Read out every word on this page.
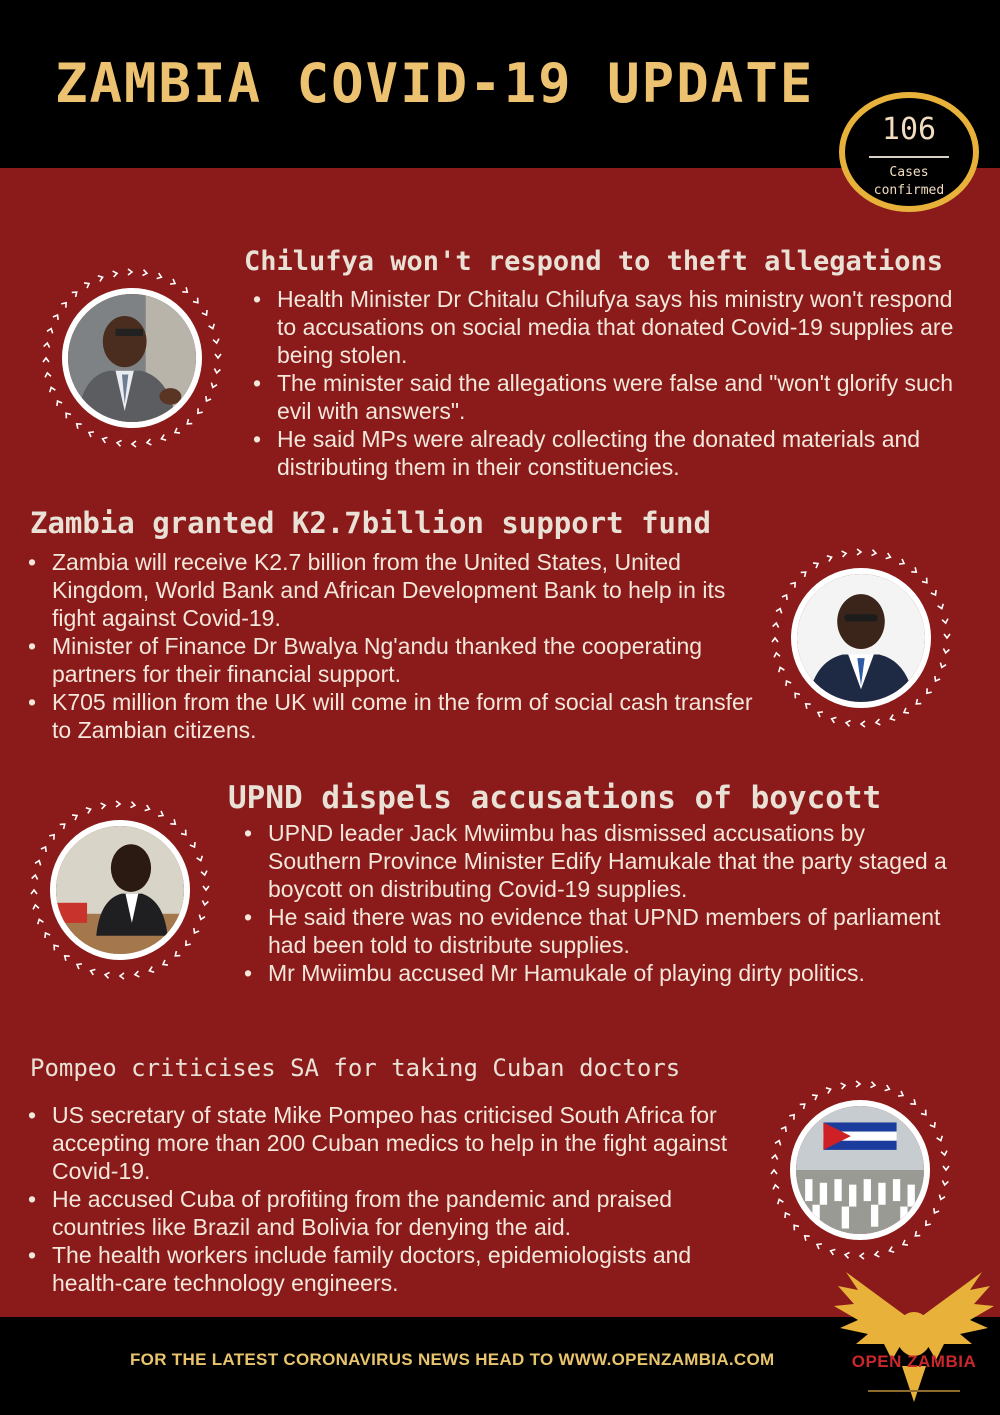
ZAMBIA COVID-19 UPDATE
106
Cases
confirmed
Chilufya won't respond to theft allegations
• Health Minister Dr Chitalu Chilufya says his ministry won't respond to accusations on social media that donated Covid-19 supplies are being stolen.
• The minister said the allegations were false and "won't glorify such evil with answers".
• He said MPs were already collecting the donated materials and distributing them in their constituencies.
Zambia granted K2.7billion support fund
• Zambia will receive K2.7 billion from the United States, United Kingdom, World Bank and African Development Bank to help in its fight against Covid-19.
• Minister of Finance Dr Bwalya Ng'andu thanked the cooperating partners for their financial support.
• K705 million from the UK will come in the form of social cash transfer to Zambian citizens.
UPND dispels accusations of boycott
• UPND leader Jack Mwiimbu has dismissed accusations by Southern Province Minister Edify Hamukale that the party staged a boycott on distributing Covid-19 supplies.
• He said there was no evidence that UPND members of parliament had been told to distribute supplies.
• Mr Mwiimbu accused Mr Hamukale of playing dirty politics.
Pompeo criticises SA for taking Cuban doctors
• US secretary of state Mike Pompeo has criticised South Africa for accepting more than 200 Cuban medics to help in the fight against Covid-19.
• He accused Cuba of profiting from the pandemic and praised countries like Brazil and Bolivia for denying the aid.
• The health workers include family doctors, epidemiologists and health-care technology engineers.
FOR THE LATEST CORONAVIRUS NEWS HEAD TO WWW.OPENZAMBIA.COM	OPEN ZAMBIA
